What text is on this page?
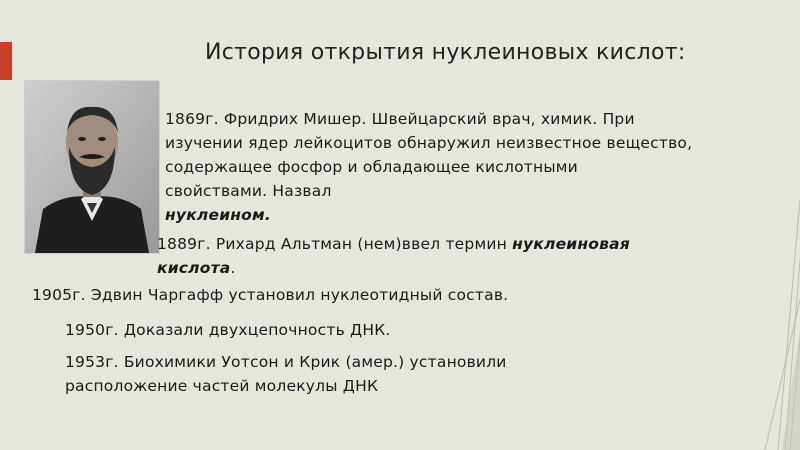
История открытия нуклеиновых кислот:
1869г. Фридрих Мишер. Швейцарский врач, химик. При
изучении ядер лейкоцитов обнаружил неизвестное вещество,
содержащее фосфор и обладающее кислотными
свойствами. Назвал
нуклеином.
1889г. Рихард Альтман (нем)ввел термин нуклеиновая
кислота.
1905г. Эдвин Чаргафф установил нуклеотидный состав.
1950г. Доказали двухцепочность ДНК.
1953г. Биохимики Уотсон и Крик (амер.) установили
расположение частей молекулы ДНК
